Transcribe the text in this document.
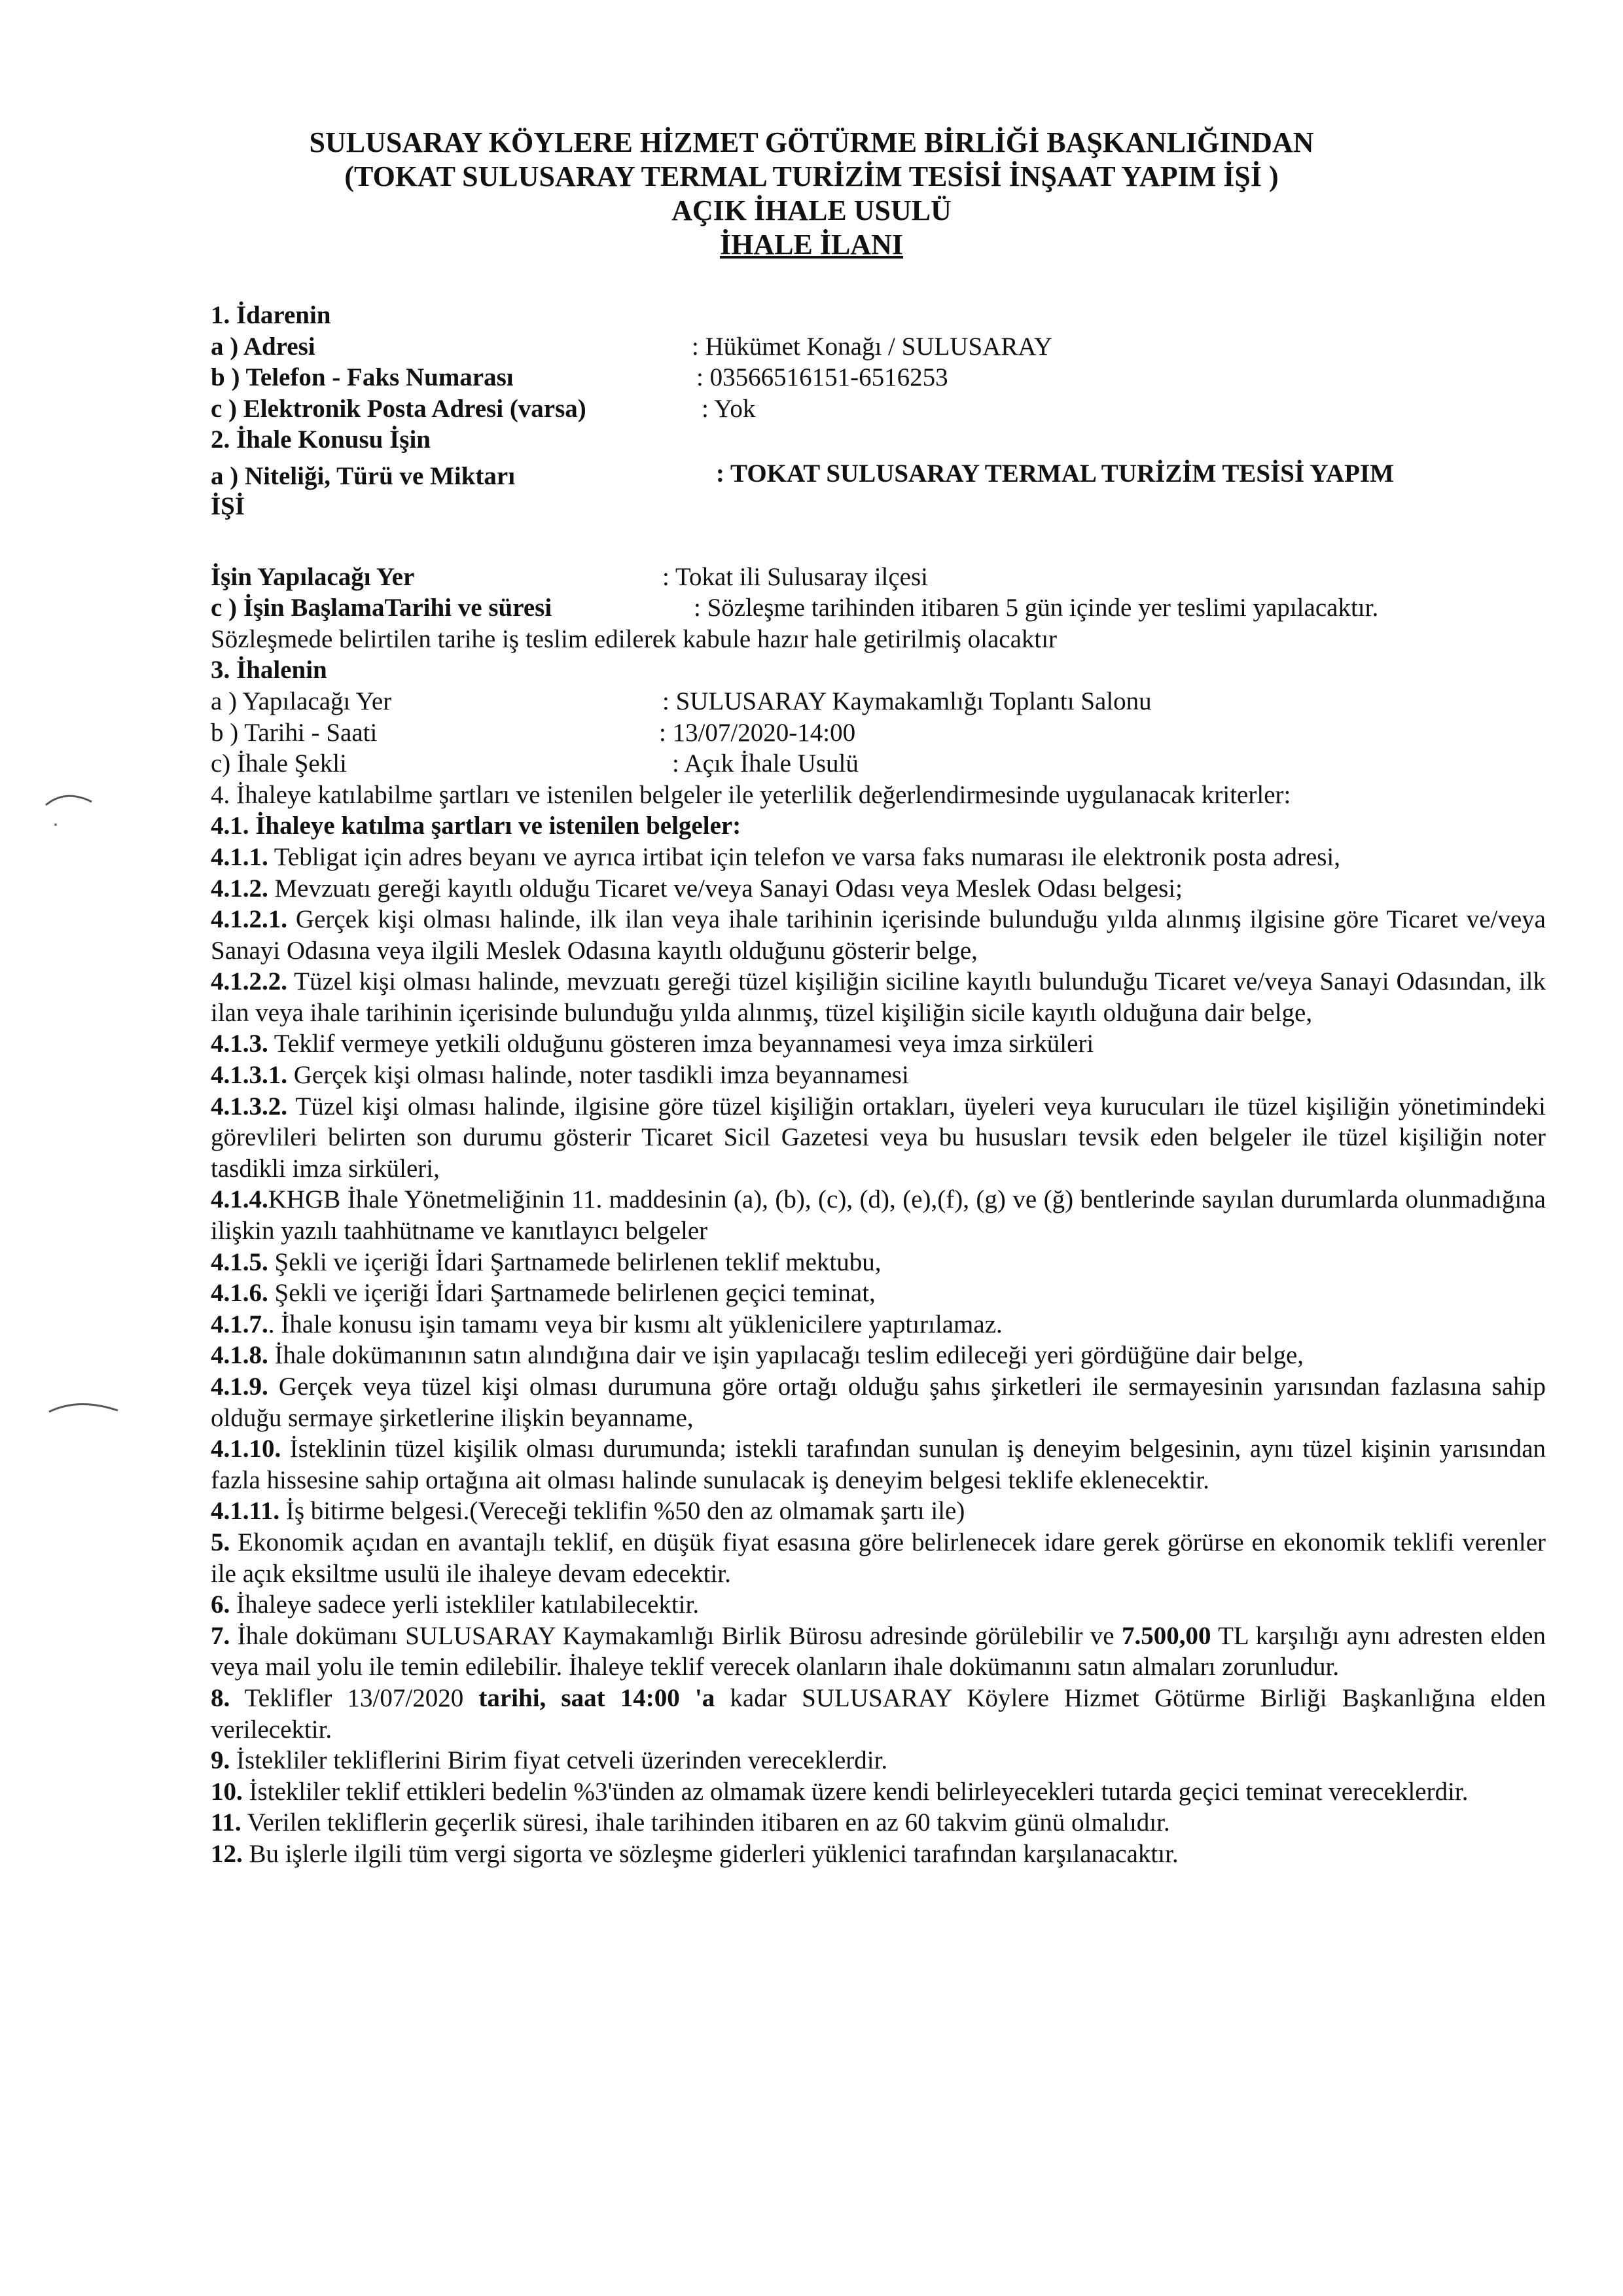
SULUSARAY KÖYLERE HİZMET GÖTÜRME BİRLİĞİ BAŞKANLIĞINDAN
(TOKAT SULUSARAY TERMAL TURİZİM TESİSİ İNŞAAT YAPIM İŞİ )
AÇIK İHALE USULÜ
İHALE İLANI
1. İdarenin
a ) Adresi	: Hükümet Konağı / SULUSARAY
b ) Telefon - Faks Numarası	: 03566516151-6516253
c ) Elektronik Posta Adresi (varsa)	: Yok
2. İhale Konusu İşin
a ) Niteliği, Türü ve Miktarı	: TOKAT SULUSARAY TERMAL TURİZİM TESİSİ YAPIM
İŞİ
İşin Yapılacağı Yer	: Tokat ili Sulusaray ilçesi
c ) İşin BaşlamaTarihi ve süresi	: Sözleşme tarihinden itibaren 5 gün içinde yer teslimi yapılacaktır.
Sözleşmede belirtilen tarihe iş teslim edilerek kabule hazır hale getirilmiş olacaktır
3. İhalenin
a ) Yapılacağı Yer	: SULUSARAY Kaymakamlığı Toplantı Salonu
b ) Tarihi - Saati	: 13/07/2020-14:00
c) İhale Şekli	: Açık İhale Usulü
4. İhaleye katılabilme şartları ve istenilen belgeler ile yeterlilik değerlendirmesinde uygulanacak kriterler:
4.1. İhaleye katılma şartları ve istenilen belgeler:
4.1.1. Tebligat için adres beyanı ve ayrıca irtibat için telefon ve varsa faks numarası ile elektronik posta adresi,
4.1.2. Mevzuatı gereği kayıtlı olduğu Ticaret ve/veya Sanayi Odası veya Meslek Odası belgesi;
4.1.2.1. Gerçek kişi olması halinde, ilk ilan veya ihale tarihinin içerisinde bulunduğu yılda alınmış ilgisine göre Ticaret ve/veya Sanayi Odasına veya ilgili Meslek Odasına kayıtlı olduğunu gösterir belge,
4.1.2.2. Tüzel kişi olması halinde, mevzuatı gereği tüzel kişiliğin siciline kayıtlı bulunduğu Ticaret ve/veya Sanayi Odasından, ilk ilan veya ihale tarihinin içerisinde bulunduğu yılda alınmış, tüzel kişiliğin sicile kayıtlı olduğuna dair belge,
4.1.3. Teklif vermeye yetkili olduğunu gösteren imza beyannamesi veya imza sirküleri
4.1.3.1. Gerçek kişi olması halinde, noter tasdikli imza beyannamesi
4.1.3.2. Tüzel kişi olması halinde, ilgisine göre tüzel kişiliğin ortakları, üyeleri veya kurucuları ile tüzel kişiliğin yönetimindeki görevlileri belirten son durumu gösterir Ticaret Sicil Gazetesi veya bu hususları tevsik eden belgeler ile tüzel kişiliğin noter tasdikli imza sirküleri,
4.1.4.KHGB İhale Yönetmeliğinin 11. maddesinin (a), (b), (c), (d), (e),(f), (g) ve (ğ) bentlerinde sayılan durumlarda olunmadığına ilişkin yazılı taahhütname ve kanıtlayıcı belgeler
4.1.5. Şekli ve içeriği İdari Şartnamede belirlenen teklif mektubu,
4.1.6. Şekli ve içeriği İdari Şartnamede belirlenen geçici teminat,
4.1.7.. İhale konusu işin tamamı veya bir kısmı alt yüklenicilere yaptırılamaz.
4.1.8. İhale dokümanının satın alındığına dair ve işin yapılacağı teslim edileceği yeri gördüğüne dair belge,
4.1.9. Gerçek veya tüzel kişi olması durumuna göre ortağı olduğu şahıs şirketleri ile sermayesinin yarısından fazlasına sahip olduğu sermaye şirketlerine ilişkin beyanname,
4.1.10. İsteklinin tüzel kişilik olması durumunda; istekli tarafından sunulan iş deneyim belgesinin, aynı tüzel kişinin yarısından fazla hissesine sahip ortağına ait olması halinde sunulacak iş deneyim belgesi teklife eklenecektir.
4.1.11. İş bitirme belgesi.(Vereceği teklifin %50 den az olmamak şartı ile)
5. Ekonomik açıdan en avantajlı teklif, en düşük fiyat esasına göre belirlenecek idare gerek görürse en ekonomik teklifi verenler ile açık eksiltme usulü ile ihaleye devam edecektir.
6. İhaleye sadece yerli istekliler katılabilecektir.
7. İhale dokümanı SULUSARAY Kaymakamlığı Birlik Bürosu adresinde görülebilir ve 7.500,00 TL karşılığı aynı adresten elden veya mail yolu ile temin edilebilir. İhaleye teklif verecek olanların ihale dokümanını satın almaları zorunludur.
8. Teklifler 13/07/2020 tarihi, saat 14:00 'a kadar SULUSARAY Köylere Hizmet Götürme Birliği Başkanlığına elden verilecektir.
9. İstekliler tekliflerini Birim fiyat cetveli üzerinden vereceklerdir.
10. İstekliler teklif ettikleri bedelin %3'ünden az olmamak üzere kendi belirleyecekleri tutarda geçici teminat vereceklerdir.
11. Verilen tekliflerin geçerlik süresi, ihale tarihinden itibaren en az 60 takvim günü olmalıdır.
12. Bu işlerle ilgili tüm vergi sigorta ve sözleşme giderleri yüklenici tarafından karşılanacaktır.
